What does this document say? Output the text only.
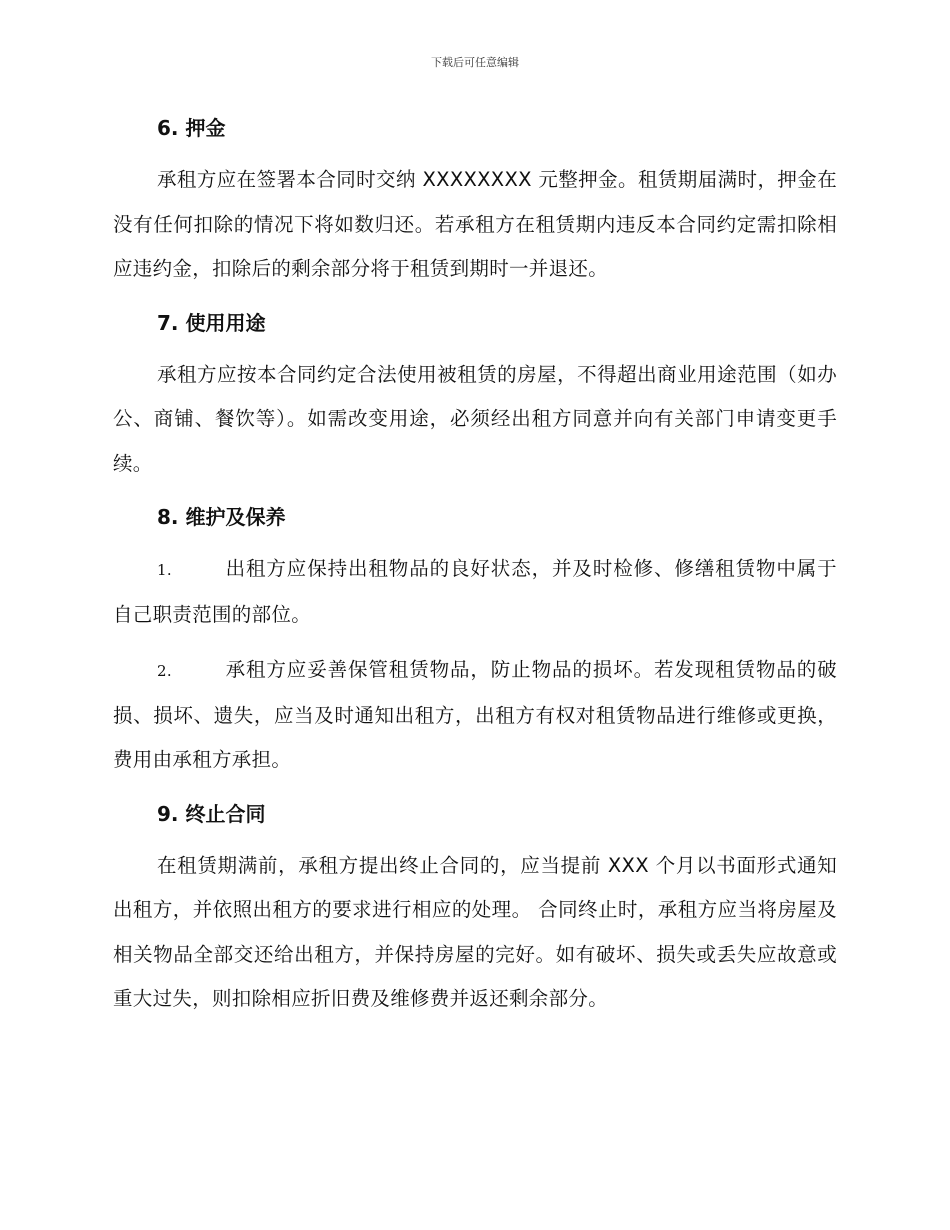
下载后可任意编辑
6. 押金

承租方应在签署本合同时交纳 XXXXXXXX 元整押金。租赁期届满时，押金在没有任何扣除的情况下将如数归还。若承租方在租赁期内违反本合同约定需扣除相应违约金，扣除后的剩余部分将于租赁到期时一并退还。

7. 使用用途

承租方应按本合同约定合法使用被租赁的房屋，不得超出商业用途范围（如办公、商铺、餐饮等）。如需改变用途，必须经出租方同意并向有关部门申请变更手续。

8. 维护及保养

1.	出租方应保持出租物品的良好状态，并及时检修、修缮租赁物中属于自己职责范围的部位。

2.	承租方应妥善保管租赁物品，防止物品的损坏。若发现租赁物品的破损、损坏、遗失，应当及时通知出租方，出租方有权对租赁物品进行维修或更换，费用由承租方承担。

9. 终止合同

在租赁期满前，承租方提出终止合同的，应当提前 XXX 个月以书面形式通知出租方，并依照出租方的要求进行相应的处理。 合同终止时，承租方应当将房屋及相关物品全部交还给出租方，并保持房屋的完好。如有破坏、损失或丢失应故意或重大过失，则扣除相应折旧费及维修费并返还剩余部分。
